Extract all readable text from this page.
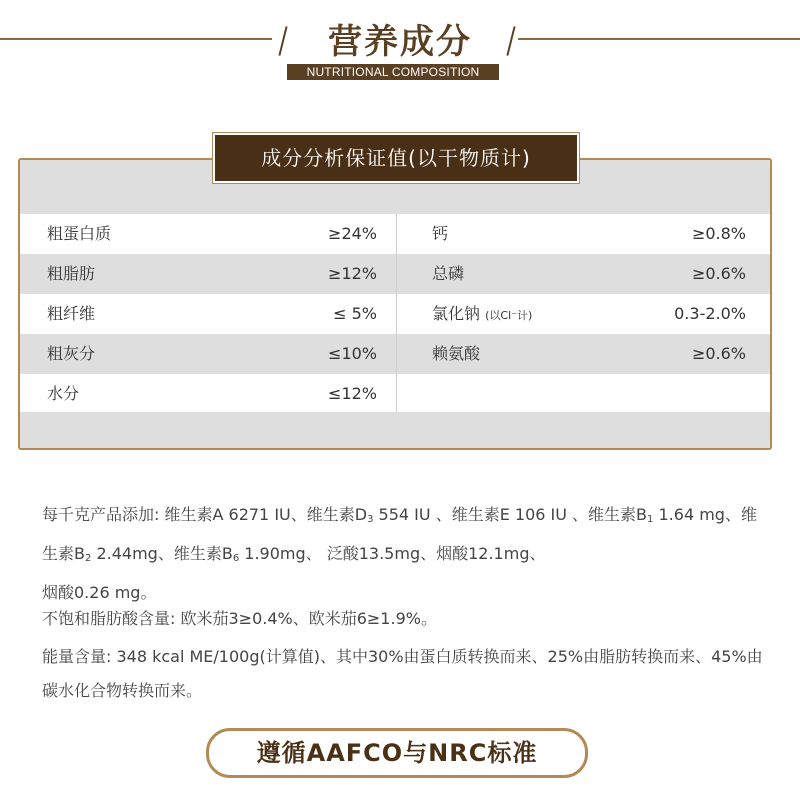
营养成分
NUTRITIONAL COMPOSITION
粗蛋白质	≥24%	钙	≥0.8%
粗脂肪	≥12%	总磷	≥0.6%
粗纤维	≤ 5%	氯化钠 (以Cl⁻计)	0.3-2.0%
粗灰分	≤10%	赖氨酸	≥0.6%
水分	≤12%
成分分析保证值(以干物质计)
每千克产品添加: 维生素A 6271 IU、维生素$D_3$ 554 IU 、维生素E 106 IU 、维生素$B_1$ 1.64 mg、维生素$B_2$ 2.44mg、维生素$B_6$ 1.90mg、 泛酸13.5mg、烟酸12.1mg、
烟酸0.26 mg。
不饱和脂肪酸含量: 欧米茄3≥0.4%、欧米茄6≥1.9%。
能量含量: 348 kcal ME/100g(计算值)、其中30%由蛋白质转换而来、25%由脂肪转换而来、45%由碳水化合物转换而来。
遵循AAFCO与NRC标准
